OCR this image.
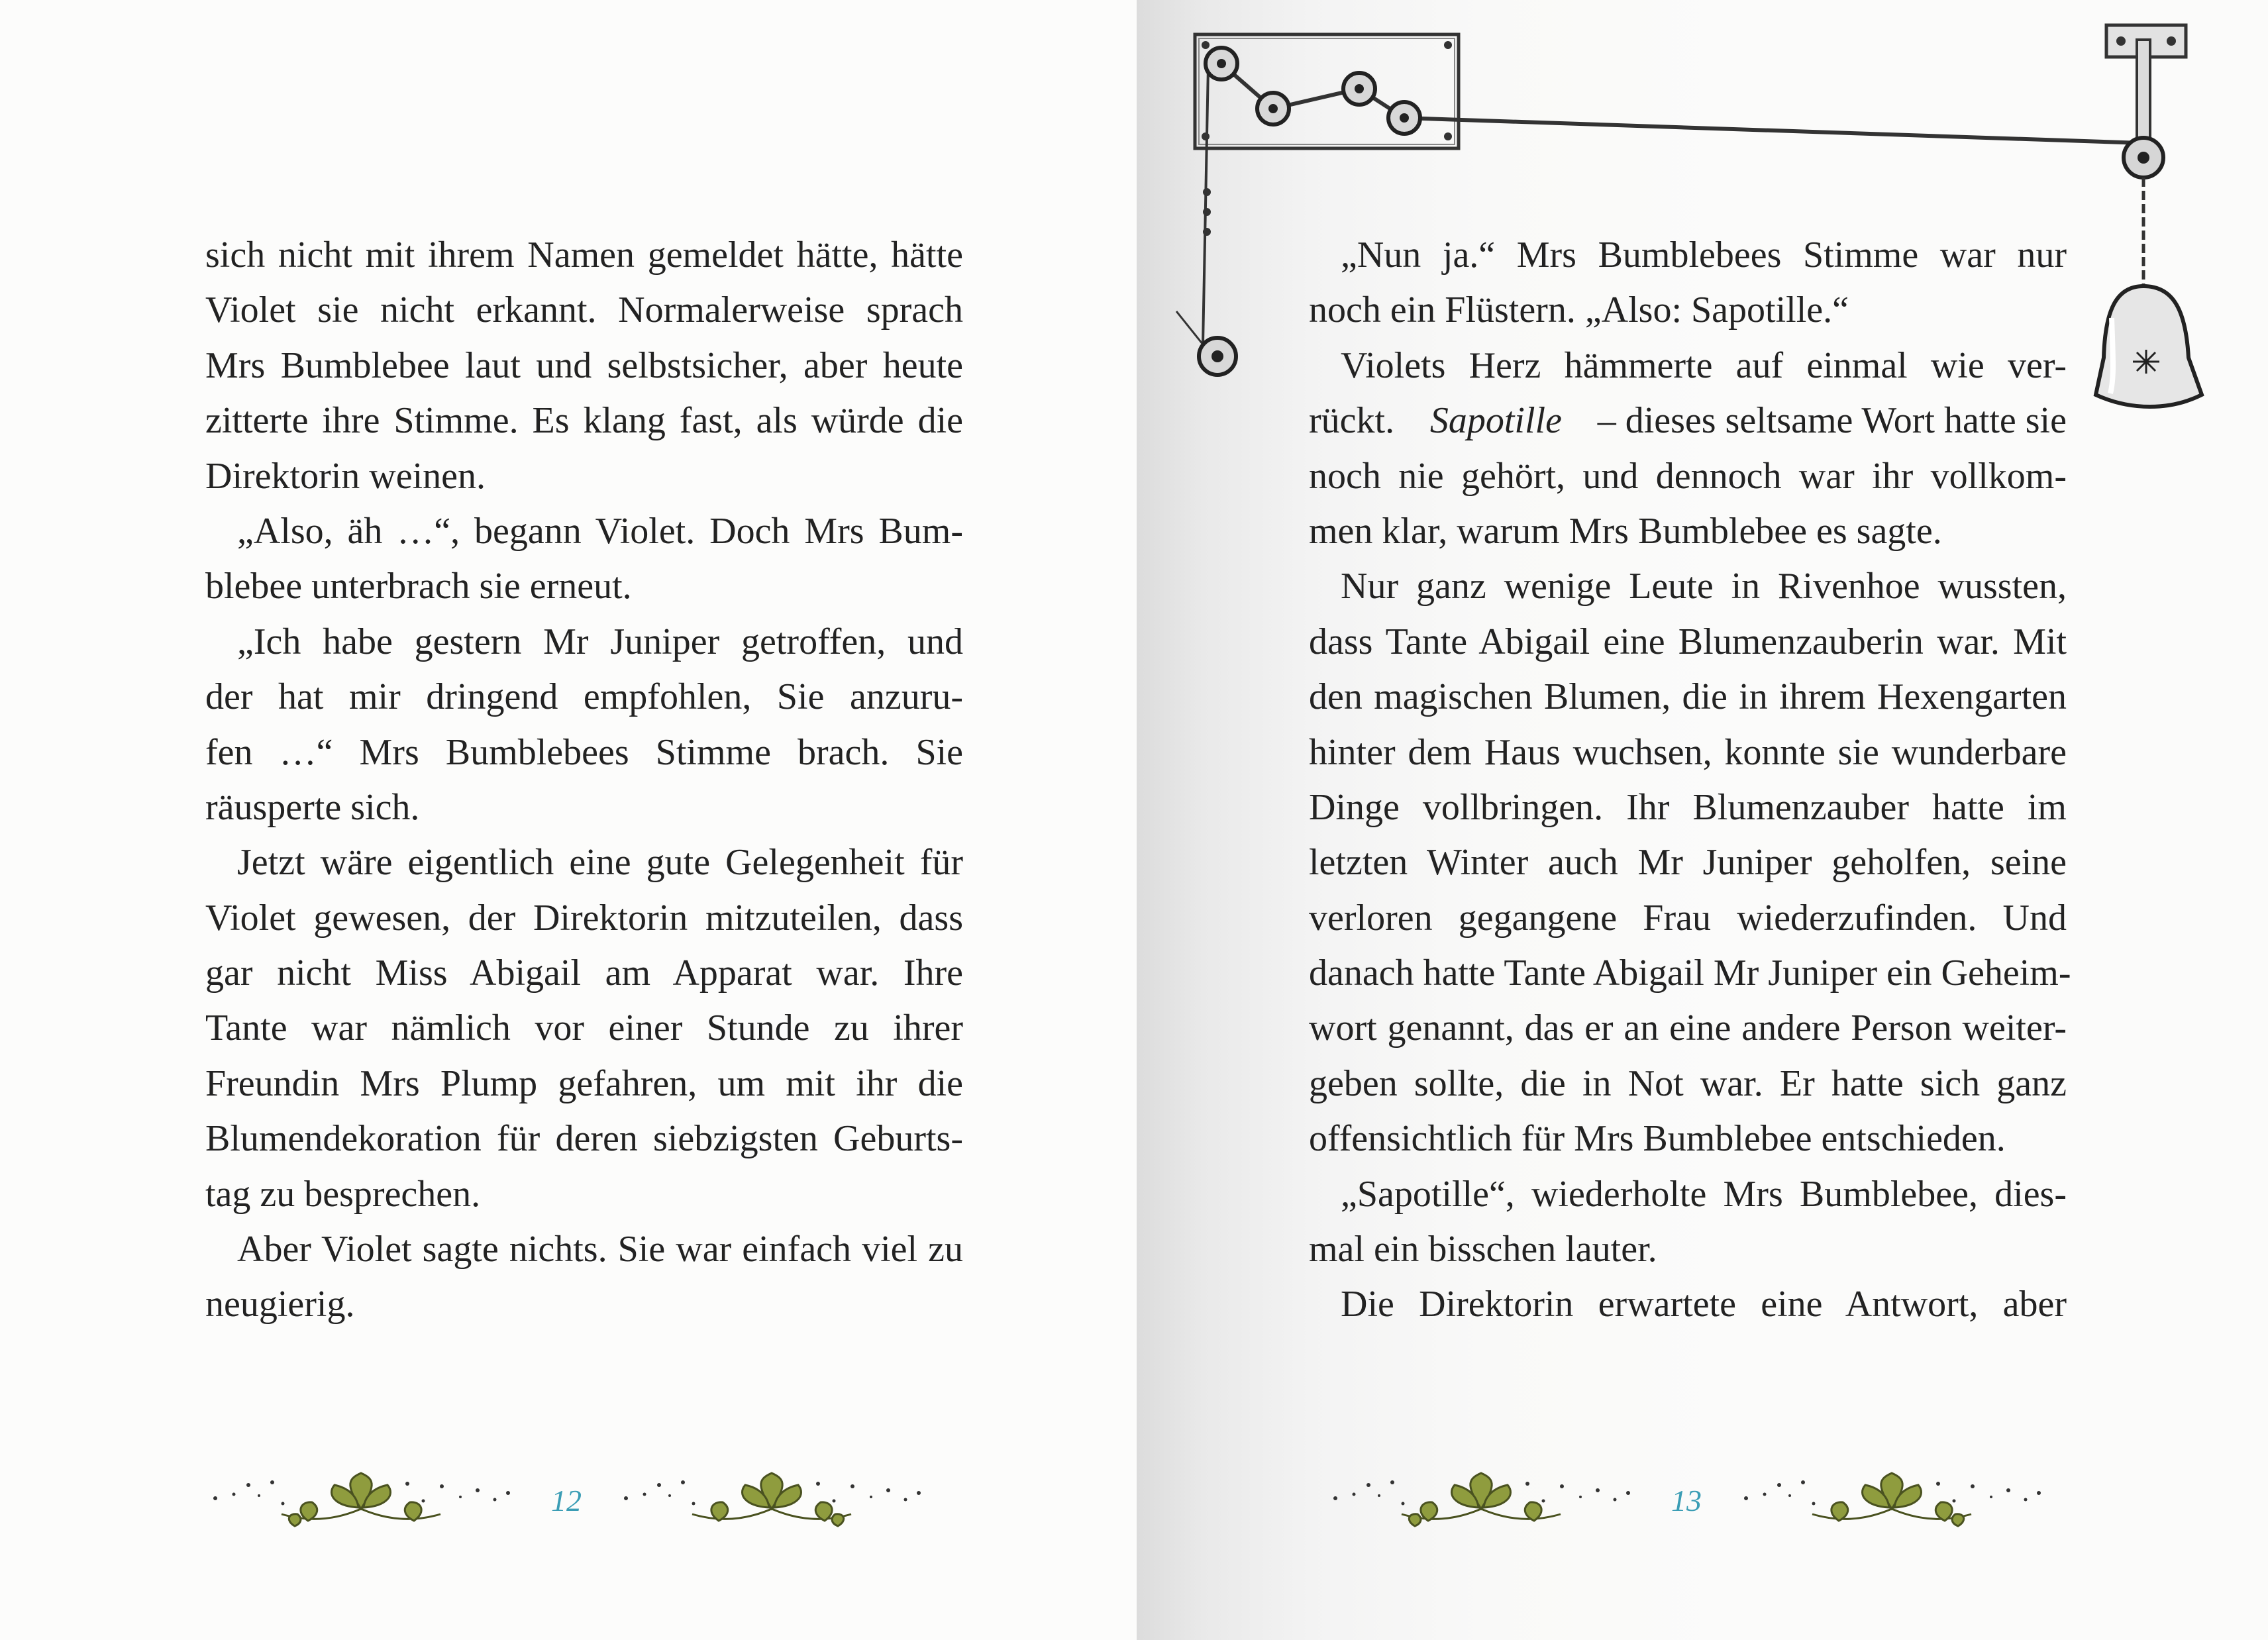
sich nicht mit ihrem Namen gemeldet hätte, hätte
Violet sie nicht erkannt. Normalerweise sprach
Mrs Bumblebee laut und selbstsicher, aber heute
zitterte ihre Stimme. Es klang fast, als würde die
Direktorin weinen.
„Also, äh …“, begann Violet. Doch Mrs Bum-
blebee unterbrach sie erneut.
„Ich habe gestern Mr Juniper getroffen, und
der hat mir dringend empfohlen, Sie anzuru-
fen …“ Mrs Bumblebees Stimme brach. Sie
räusperte sich.
Jetzt wäre eigentlich eine gute Gelegenheit für
Violet gewesen, der Direktorin mitzuteilen, dass
gar nicht Miss Abigail am Apparat war. Ihre
Tante war nämlich vor einer Stunde zu ihrer
Freundin Mrs Plump gefahren, um mit ihr die
Blumendekoration für deren siebzigsten Geburts-
tag zu besprechen.
Aber Violet sagte nichts. Sie war einfach viel zu
neugierig.
12
„Nun ja.“ Mrs Bumblebees Stimme war nur
noch ein Flüstern. „Also: Sapotille.“
Violets Herz hämmerte auf einmal wie ver-
rückt. Sapotille – dieses seltsame Wort hatte sie
noch nie gehört, und dennoch war ihr vollkom-
men klar, warum Mrs Bumblebee es sagte.
Nur ganz wenige Leute in Rivenhoe wussten,
dass Tante Abigail eine Blumenzauberin war. Mit
den magischen Blumen, die in ihrem Hexengarten
hinter dem Haus wuchsen, konnte sie wunderbare
Dinge vollbringen. Ihr Blumenzauber hatte im
letzten Winter auch Mr Juniper geholfen, seine
verloren gegangene Frau wiederzufinden. Und
danach hatte Tante Abigail Mr Juniper ein Geheim-
wort genannt, das er an eine andere Person weiter-
geben sollte, die in Not war. Er hatte sich ganz
offensichtlich für Mrs Bumblebee entschieden.
„Sapotille“, wiederholte Mrs Bumblebee, dies-
mal ein bisschen lauter.
Die Direktorin erwartete eine Antwort, aber
13
